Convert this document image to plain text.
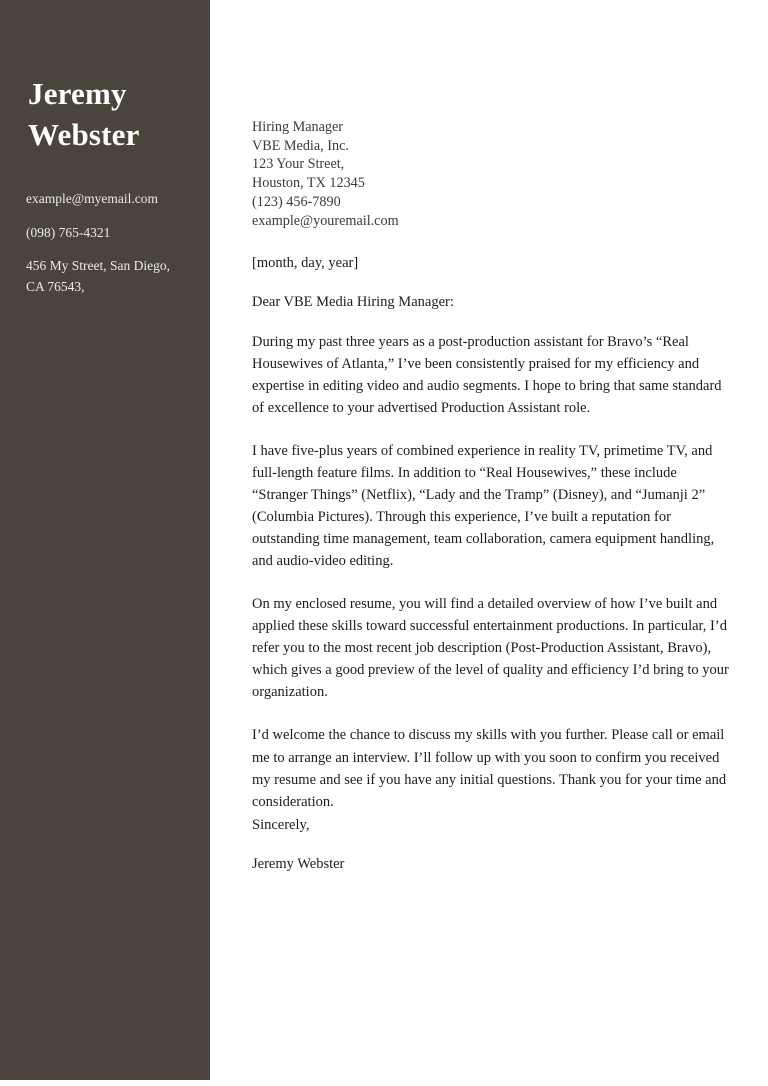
Jeremy
Webster
example@myemail.com
(098) 765-4321
456 My Street, San Diego, CA 76543,
Hiring Manager
VBE Media, Inc.
123 Your Street,
Houston, TX 12345
(123) 456-7890
example@youremail.com
[month, day, year]
Dear VBE Media Hiring Manager:

During my past three years as a post-production assistant for Bravo’s “Real Housewives of Atlanta,” I’ve been consistently praised for my efficiency and expertise in editing video and audio segments. I hope to bring that same standard of excellence to your advertised Production Assistant role.

I have five-plus years of combined experience in reality TV, primetime TV, and full-length feature films. In addition to “Real Housewives,” these include “Stranger Things” (Netflix), “Lady and the Tramp” (Disney), and “Jumanji 2” (Columbia Pictures). Through this experience, I’ve built a reputation for outstanding time management, team collaboration, camera equipment handling, and audio-video editing.

On my enclosed resume, you will find a detailed overview of how I’ve built and applied these skills toward successful entertainment productions. In particular, I’d refer you to the most recent job description (Post-Production Assistant, Bravo), which gives a good preview of the level of quality and efficiency I’d bring to your organization.

I’d welcome the chance to discuss my skills with you further. Please call or email me to arrange an interview. I’ll follow up with you soon to confirm you received my resume and see if you have any initial questions. Thank you for your time and consideration.

Sincerely,
Jeremy Webster
